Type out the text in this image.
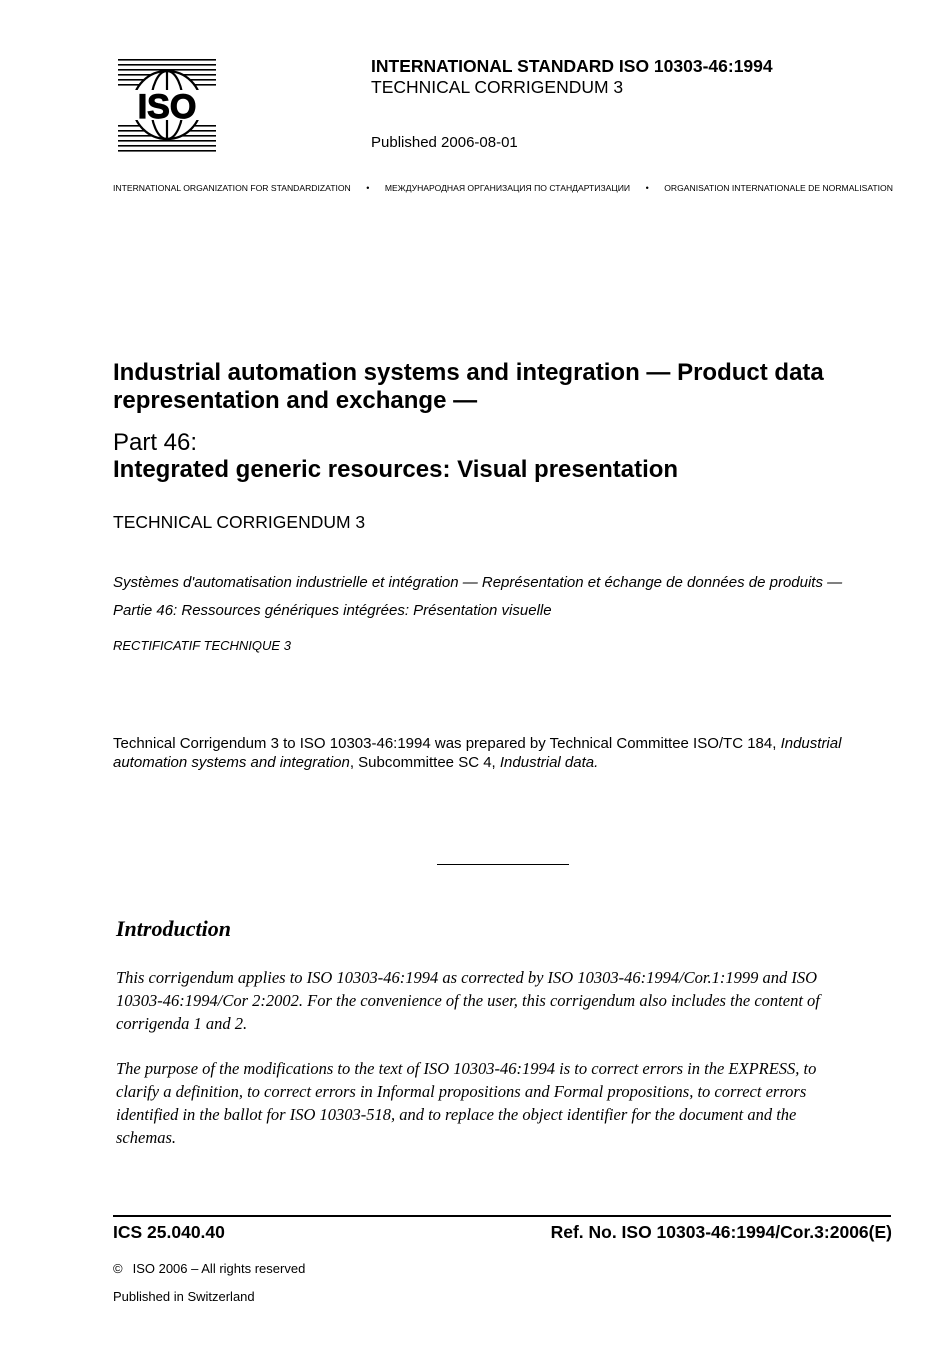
ISO
INTERNATIONAL STANDARD ISO 10303-46:1994
TECHNICAL CORRIGENDUM 3
Published 2006-08-01
INTERNATIONAL ORGANIZATION FOR STANDARDIZATION • МЕЖДУНАРОДНАЯ ОРГАНИЗАЦИЯ ПО СТАНДАРТИЗАЦИИ • ORGANISATION INTERNATIONALE DE NORMALISATION
Industrial automation systems and integration — Product data representation and exchange —
Part 46:
Integrated generic resources: Visual presentation
TECHNICAL CORRIGENDUM 3
Systèmes d'automatisation industrielle et intégration — Représentation et échange de données de produits —
Partie 46: Ressources génériques intégrées: Présentation visuelle
RECTIFICATIF TECHNIQUE 3
Technical Corrigendum 3 to ISO 10303-46:1994 was prepared by Technical Committee ISO/TC 184, Industrial automation systems and integration, Subcommittee SC 4, Industrial data.
Introduction
This corrigendum applies to ISO 10303-46:1994 as corrected by ISO 10303-46:1994/Cor.1:1999 and ISO 10303-46:1994/Cor 2:2002. For the convenience of the user, this corrigendum also includes the content of corrigenda 1 and 2.
The purpose of the modifications to the text of ISO 10303-46:1994 is to correct errors in the EXPRESS, to clarify a definition, to correct errors in Informal propositions and Formal propositions, to correct errors identified in the ballot for ISO 10303-518, and to replace the object identifier for the document and the schemas.
ICS 25.040.40	Ref. No. ISO 10303-46:1994/Cor.3:2006(E)
© ISO 2006 – All rights reserved
Published in Switzerland
